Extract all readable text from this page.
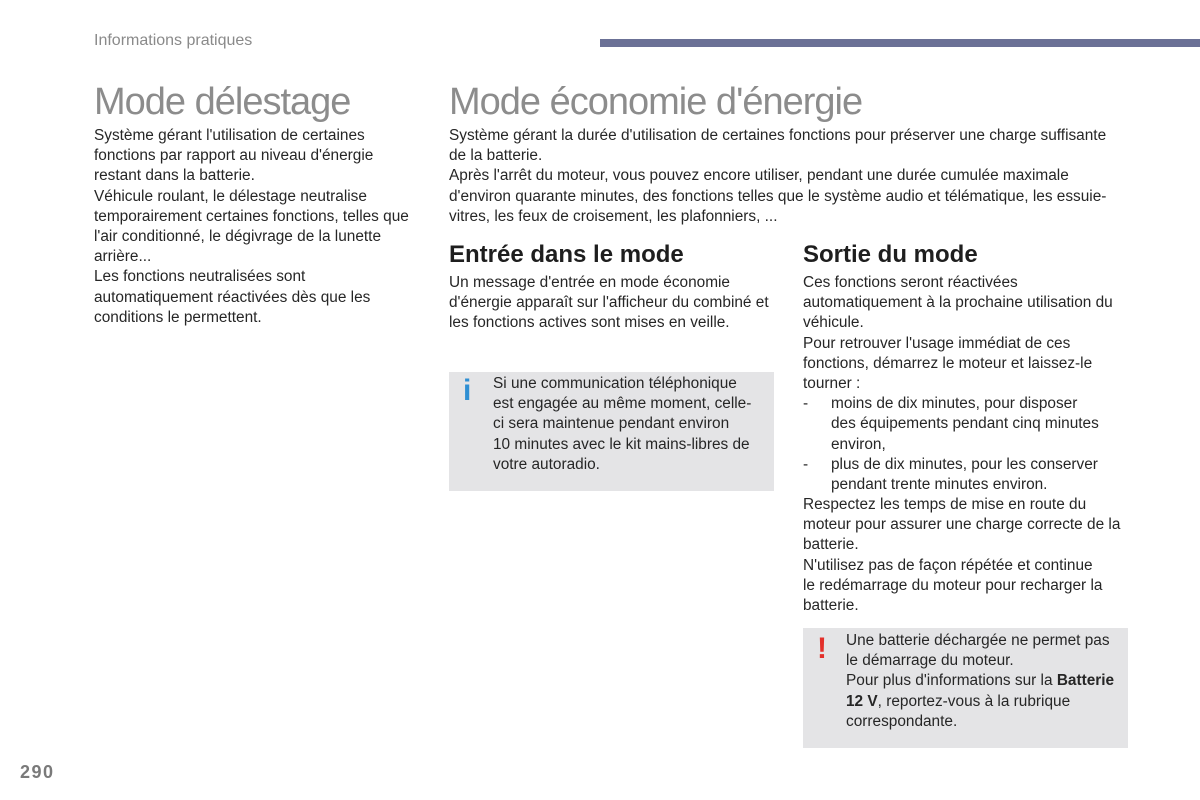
Informations pratiques
Mode délestage
Système gérant l'utilisation de certaines
fonctions par rapport au niveau d'énergie
restant dans la batterie.
Véhicule roulant, le délestage neutralise
temporairement certaines fonctions, telles que
l'air conditionné, le dégivrage de la lunette
arrière...
Les fonctions neutralisées sont
automatiquement réactivées dès que les
conditions le permettent.
Mode économie d'énergie
Système gérant la durée d'utilisation de certaines fonctions pour préserver une charge suffisante
de la batterie.
Après l'arrêt du moteur, vous pouvez encore utiliser, pendant une durée cumulée maximale
d'environ quarante minutes, des fonctions telles que le système audio et télématique, les essuie-
vitres, les feux de croisement, les plafonniers, ...
Entrée dans le mode
Un message d'entrée en mode économie
d'énergie apparaît sur l'afficheur du combiné et
les fonctions actives sont mises en veille.
i Si une communication téléphonique
est engagée au même moment, celle-
ci sera maintenue pendant environ
10 minutes avec le kit mains-libres de
votre autoradio.
Sortie du mode
Ces fonctions seront réactivées
automatiquement à la prochaine utilisation du
véhicule.
Pour retrouver l'usage immédiat de ces
fonctions, démarrez le moteur et laissez-le
tourner :
-	moins de dix minutes, pour disposer
des équipements pendant cinq minutes
environ,
-	plus de dix minutes, pour les conserver
pendant trente minutes environ.
Respectez les temps de mise en route du
moteur pour assurer une charge correcte de la
batterie.
N'utilisez pas de façon répétée et continue
le redémarrage du moteur pour recharger la
batterie.
! Une batterie déchargée ne permet pas
le démarrage du moteur.
Pour plus d'informations sur la Batterie
12 V, reportez-vous à la rubrique
correspondante.
290
